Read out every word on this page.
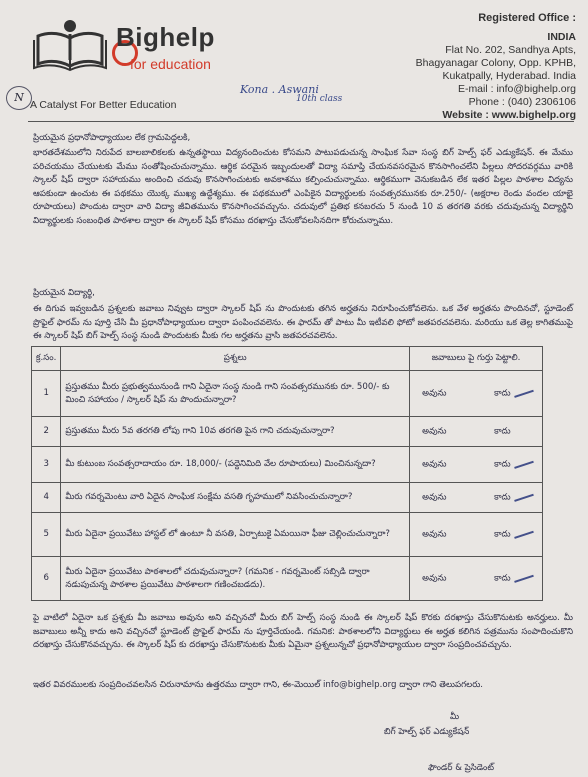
Bighelp
for education
N
A Catalyst For Better Education
Kona . Aswani
10th class
Registered Office :
INDIA
Flat No. 202, Sandhya Apts,
Bhagyanagar Colony, Opp. KPHB,
Kukatpally, Hyderabad. India
E-mail : info@bighelp.org
Phone : (040) 2306106
Website : www.bighelp.org
ప్రియమైన ప్రధానోపాధ్యాయుల లేక గ్రామపెద్దలకి,
భారతదేశములోని నిరుపేద బాలబాలికలకు ఉన్నతస్థాయి విద్యనందించుట కోసమని పాటుపడుచున్న సాంఘిక సేవా సంస్థ బిగ్ హెల్ప్ ఫర్ ఎడ్యుకేషన్. ఈ మేము పరిచయము చేయుటకు మేము సంతోషించుచున్నాము. ఆర్థిక పరమైన ఇబ్బందులతో విద్యా సమాప్తి చేయనవసరమైన కొనసాగించలేని పిల్లలు సోదరవర్గము వారికి స్కాలర్ షిప్ ద్వారా సహాయము అందించి చదువు కొనసాగించుటకు అవకాశము కల్పించుచున్నాము. ఆర్థికముగా వెనుకబడిన లేక ఇతర పిల్లల పాఠశాల విద్యను ఆపకుండా ఉంచుట ఈ పథకము యొక్క ముఖ్య ఉద్దేశ్యము. ఈ పథకములో ఎంపికైన విద్యార్థులకు సంవత్సరమునకు రూ.250/- (అక్షరాల రెండు వందల యాభై రూపాయలు) పొందుట ద్వారా వారి విద్యా జీవితమును కొనసాగించవచ్చును. చదువులో ప్రతిభ కనబరచు 5 నుండి 10 వ తరగతి వరకు చదువుచున్న విద్యార్థిని విద్యార్థులకు సంబంధిత పాఠశాల ద్వారా ఈ స్కాలర్ షిప్ కోసము దరఖాస్తు చేసుకోవలసినదిగా కోరుచున్నాము.
ప్రియమైన విద్యార్థి,
ఈ దిగువ ఇవ్వబడిన ప్రశ్నలకు జవాబు నివ్వుట ద్వారా స్కాలర్ షిప్ ను పొందుటకు తగిన అర్హతను నిరూపించుకోవలెను. ఒక వేళ అర్హతను పొందినచో, స్టూడెంట్ ప్రొఫైల్ ఫారమ్ ను పూర్తి చేసి మీ ప్రధానోపాధ్యాయుల ద్వారా పంపించవలెను. ఈ ఫారమ్ తో పాటు మీ ఇటీవలి ఫోటో జతపరచవలెను. మరియు ఒక తెల్ల కాగితముపై ఈ స్కాలర్ షిప్ బిగ్ హెల్ప్ సంస్థ నుండి పొందుటకు మీకు గల అర్హతను వ్రాసి జతపరచవలెను.
క్ర.సం.	ప్రశ్నలు	జవాబులు పై గుర్తు పెట్టాలి.
1	ప్రస్తుతము మీరు ప్రభుత్వమునుండి గాని ఏదైనా సంస్థ నుండి గాని సంవత్సరమునకు రూ. 500/- కు మించి సహాయం / స్కాలర్ షిప్ ను పొందుచున్నారా?	అవును కాదు

2	ప్రస్తుతము మీరు 5వ తరగతి లోపు గాని 10వ తరగతి పైన గాని చదువుచున్నారా?	అవును కాదు

3	మీ కుటుంబ సంవత్సరాదాయం రూ. 18,000/- (పద్దెనిమిది వేల రూపాయలు) మించినున్నదా?	అవును కాదు

4	మీరు గవర్నమెంటు వారి ఏదైన సాంఘిక సంక్షేమ వసతి గృహములో నివసించుచున్నారా?	అవును కాదు

5	మీరు ఏదైనా ప్రయివేటు హాస్టల్ లో ఉంటూ నీ వసతి, ఏర్పాటుకై ఏమయినా ఫీజు చెల్లించుచున్నారా?	అవును కాదు

6	మీరు ఏదైనా ప్రయివేటు పాఠశాలలో చదువుచున్నారా? (గమనిక - గవర్నమెంట్ సబ్సిడి ద్వారా నడుపుచున్న పాఠశాల ప్రయివేటు పాఠశాలగా గణించబడదు).	అవును కాదు
పై వాటిలో ఏదైనా ఒక ప్రశ్నకు మీ జవాబు అవును అని వచ్చినచో మీరు బిగ్ హెల్ప్ సంస్థ నుండి ఈ స్కాలర్ షిప్ కొరకు దరఖాస్తు చేసుకొనుటకు అనర్హులు. మీ జవాబులు అన్నీ కాదు అని వచ్చినచో స్టూడెంట్ ప్రొఫైల్ ఫారమ్ ను పూర్తిచేయండి. గమనిక: పాఠశాలలోని విద్యార్థులు ఈ అర్హత కలిగిన పత్రమును సంపాదించుకొని దరఖాస్తు చేసుకొనవచ్చును. ఈ స్కాలర్ షిప్ కు దరఖాస్తు చేసుకొనుటకు మీకు ఏమైనా ప్రశ్నలున్నచో ప్రధానోపాధ్యాయుల ద్వారా సంప్రదించవచ్చును.
ఇతర వివరములకు సంప్రదించవలసిన చిరునామాను ఉత్తరము ద్వారా గాని, ఈ-మెయిల్ info@bighelp.org ద్వారా గాని తెలుపగలరు.
మీ
బిగ్ హెల్ప్ ఫర్ ఎడ్యుకేషన్
ఫౌండర్ & ప్రెసిడెంట్
